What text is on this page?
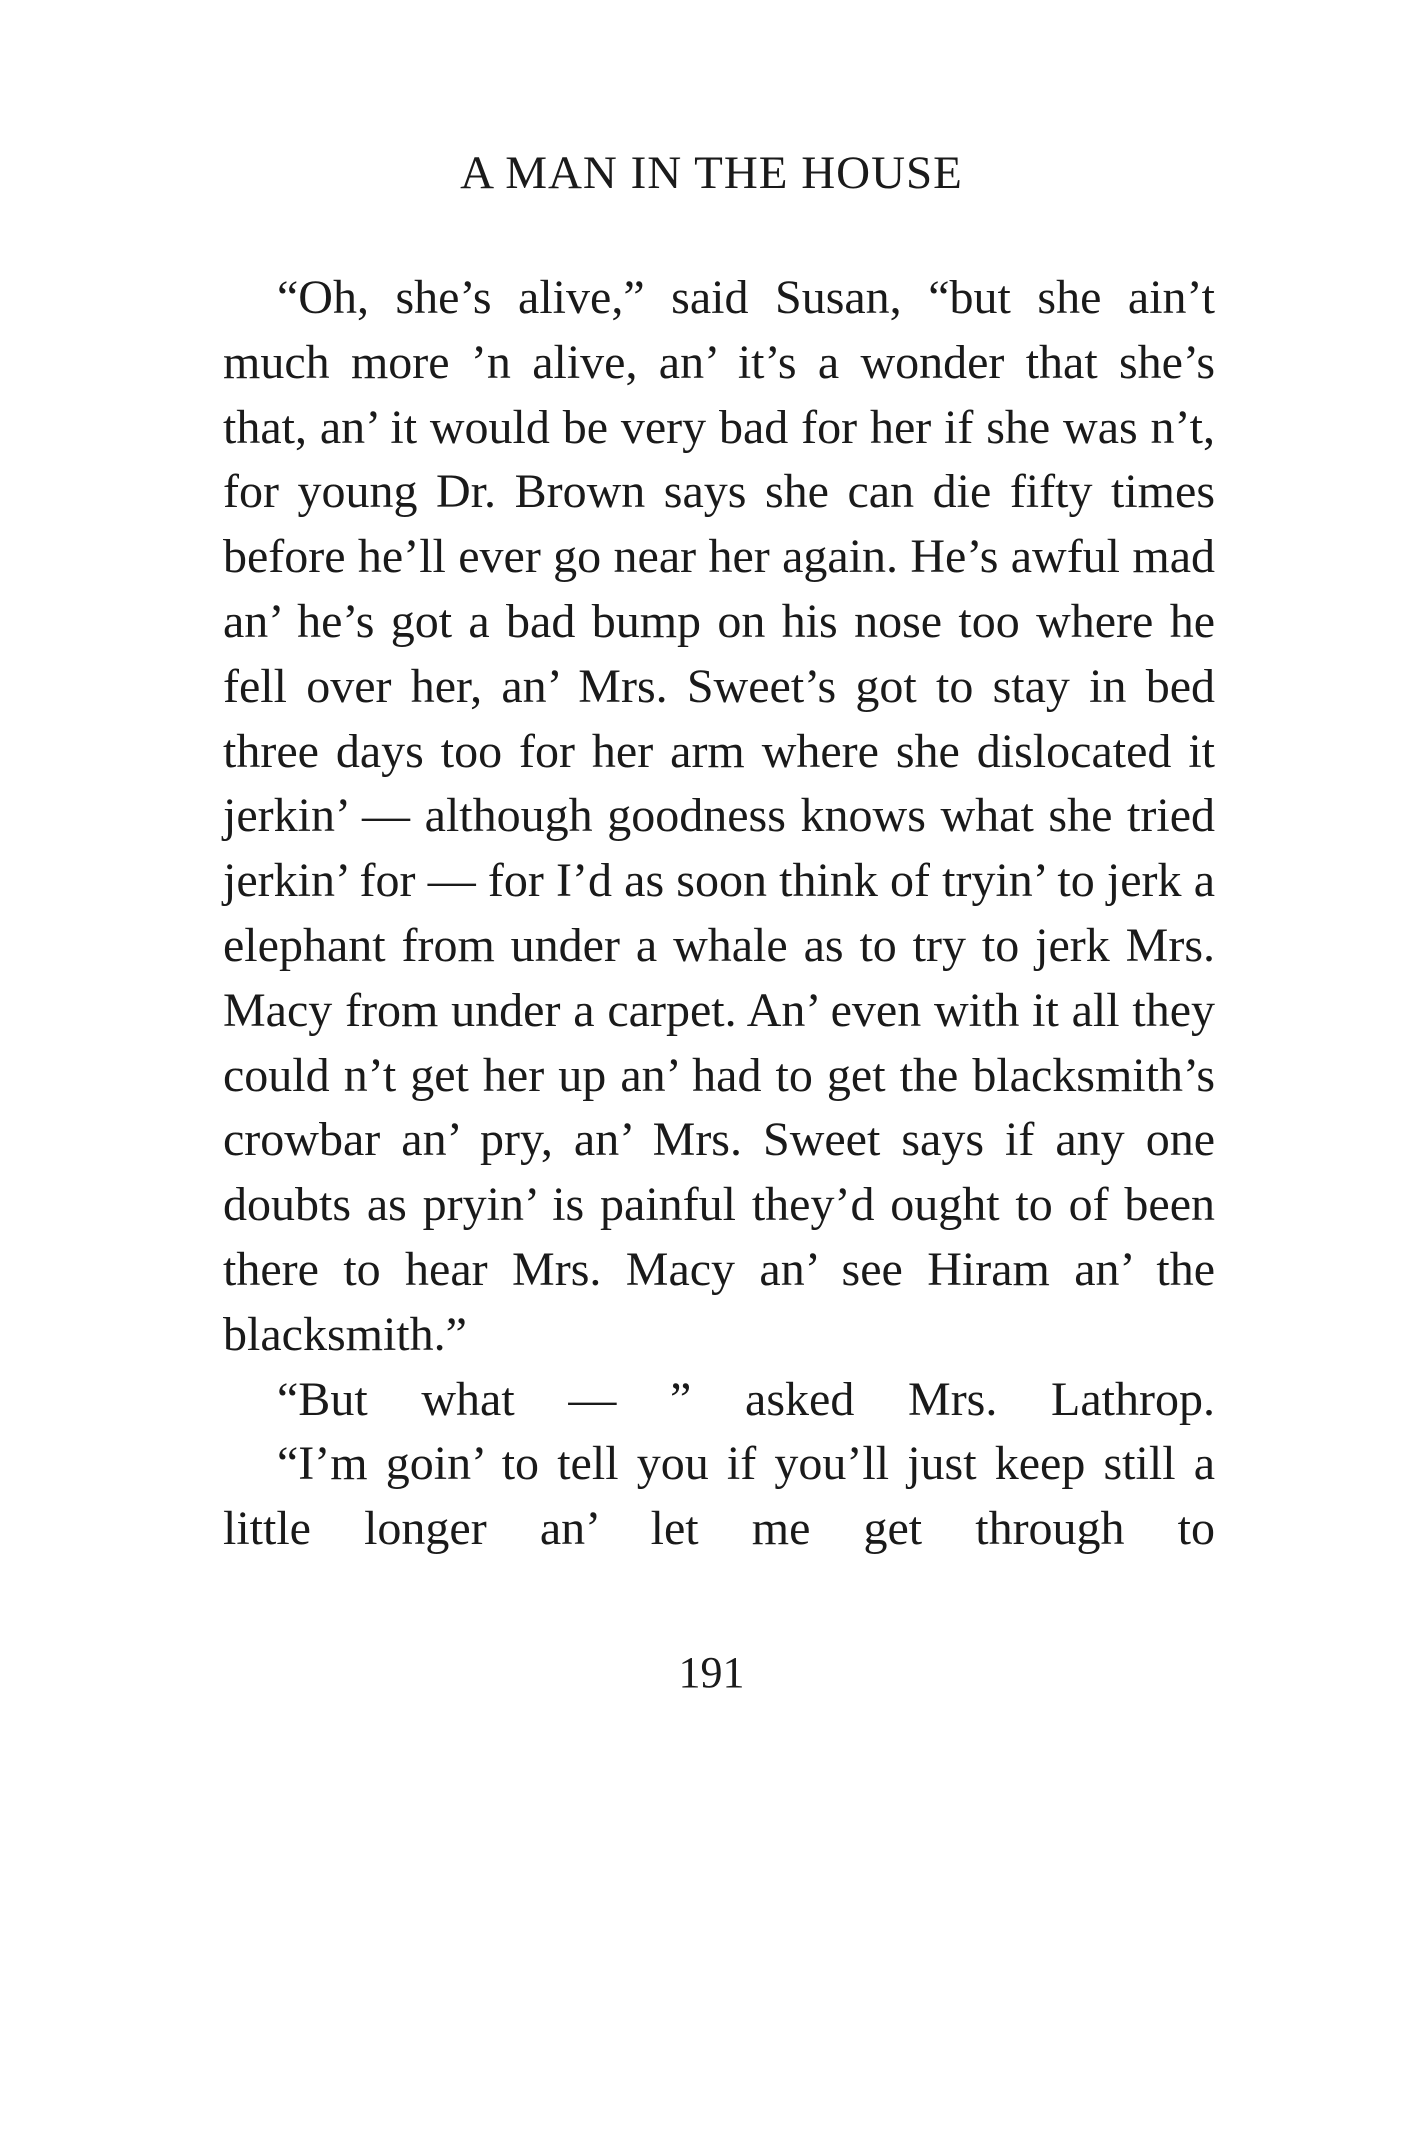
A MAN IN THE HOUSE

“Oh, she’s alive,” said Susan, “but she ain’t much more ’n alive, an’ it’s a wonder that she’s that, an’ it would be very bad for her if she was n’t, for young Dr. Brown says she can die fifty times before he’ll ever go near her again. He’s awful mad an’ he’s got a bad bump on his nose too where he fell over her, an’ Mrs. Sweet’s got to stay in bed three days too for her arm where she dislocated it jerkin’ — although goodness knows what she tried jerkin’ for — for I’d as soon think of tryin’ to jerk a elephant from under a whale as to try to jerk Mrs. Macy from under a carpet. An’ even with it all they could n’t get her up an’ had to get the blacksmith’s crowbar an’ pry, an’ Mrs. Sweet says if any one doubts as pryin’ is painful they’d ought to of been there to hear Mrs. Macy an’ see Hiram an’ the blacksmith.”

“But what — ” asked Mrs. Lathrop.

“I’m goin’ to tell you if you’ll just keep still a little longer an’ let me get through to

191
